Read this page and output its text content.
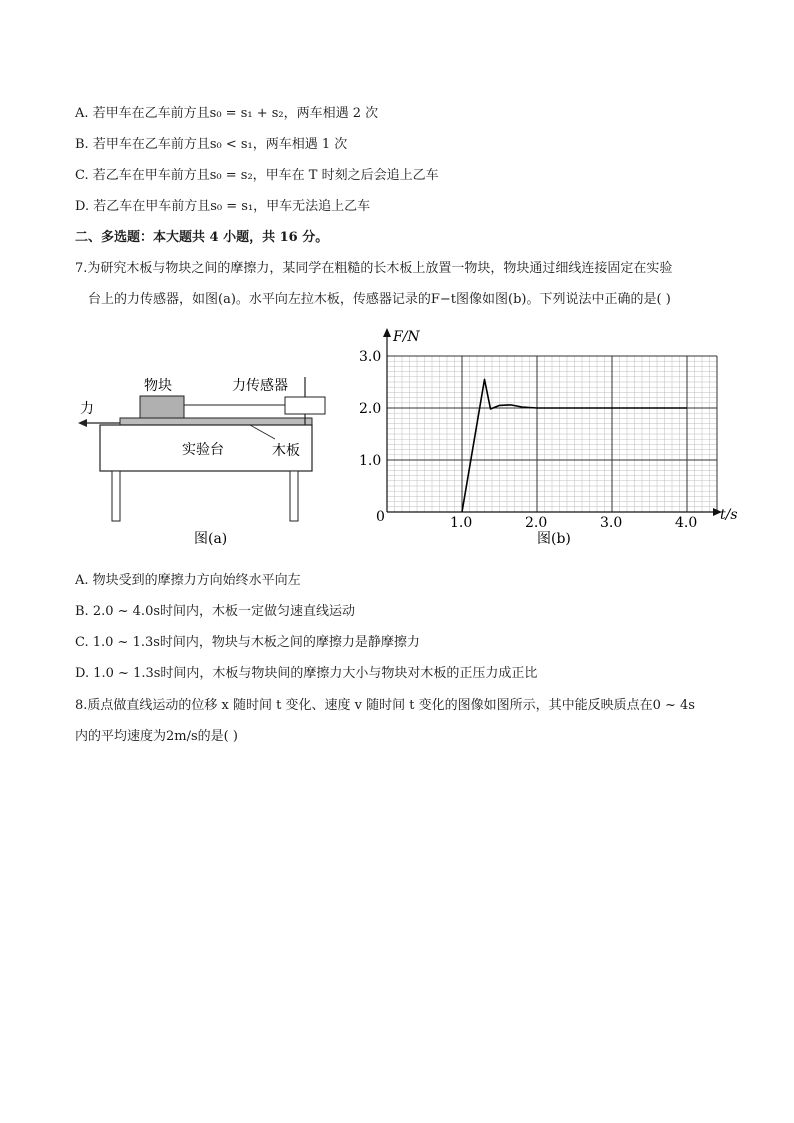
A. 若甲车在乙车前方且s₀ = s₁ + s₂，两车相遇 2 次
B. 若甲车在乙车前方且s₀ < s₁，两车相遇 1 次
C. 若乙车在甲车前方且s₀ = s₂，甲车在 T 时刻之后会追上乙车
D. 若乙车在甲车前方且s₀ = s₁，甲车无法追上乙车
二、多选题：本大题共 4 小题，共 16 分。
7.为研究木板与物块之间的摩擦力，某同学在粗糙的长木板上放置一物块，物块通过细线连接固定在实验
台上的力传感器，如图(a)。水平向左拉木板，传感器记录的F−t图像如图(b)。下列说法中正确的是( )
力
物块	力传感器
实验台	木板
图(a)
1.0	2.0	3.0	4.0
1.0
2.0
3.0
F/N
t/s
0
图(b)
A. 物块受到的摩擦力方向始终水平向左
B. 2.0 ~ 4.0s时间内，木板一定做匀速直线运动
C. 1.0 ~ 1.3s时间内，物块与木板之间的摩擦力是静摩擦力
D. 1.0 ~ 1.3s时间内，木板与物块间的摩擦力大小与物块对木板的正压力成正比
8.质点做直线运动的位移 x 随时间 t 变化、速度 v 随时间 t 变化的图像如图所示，其中能反映质点在0 ~ 4s
内的平均速度为2m/s的是( )
